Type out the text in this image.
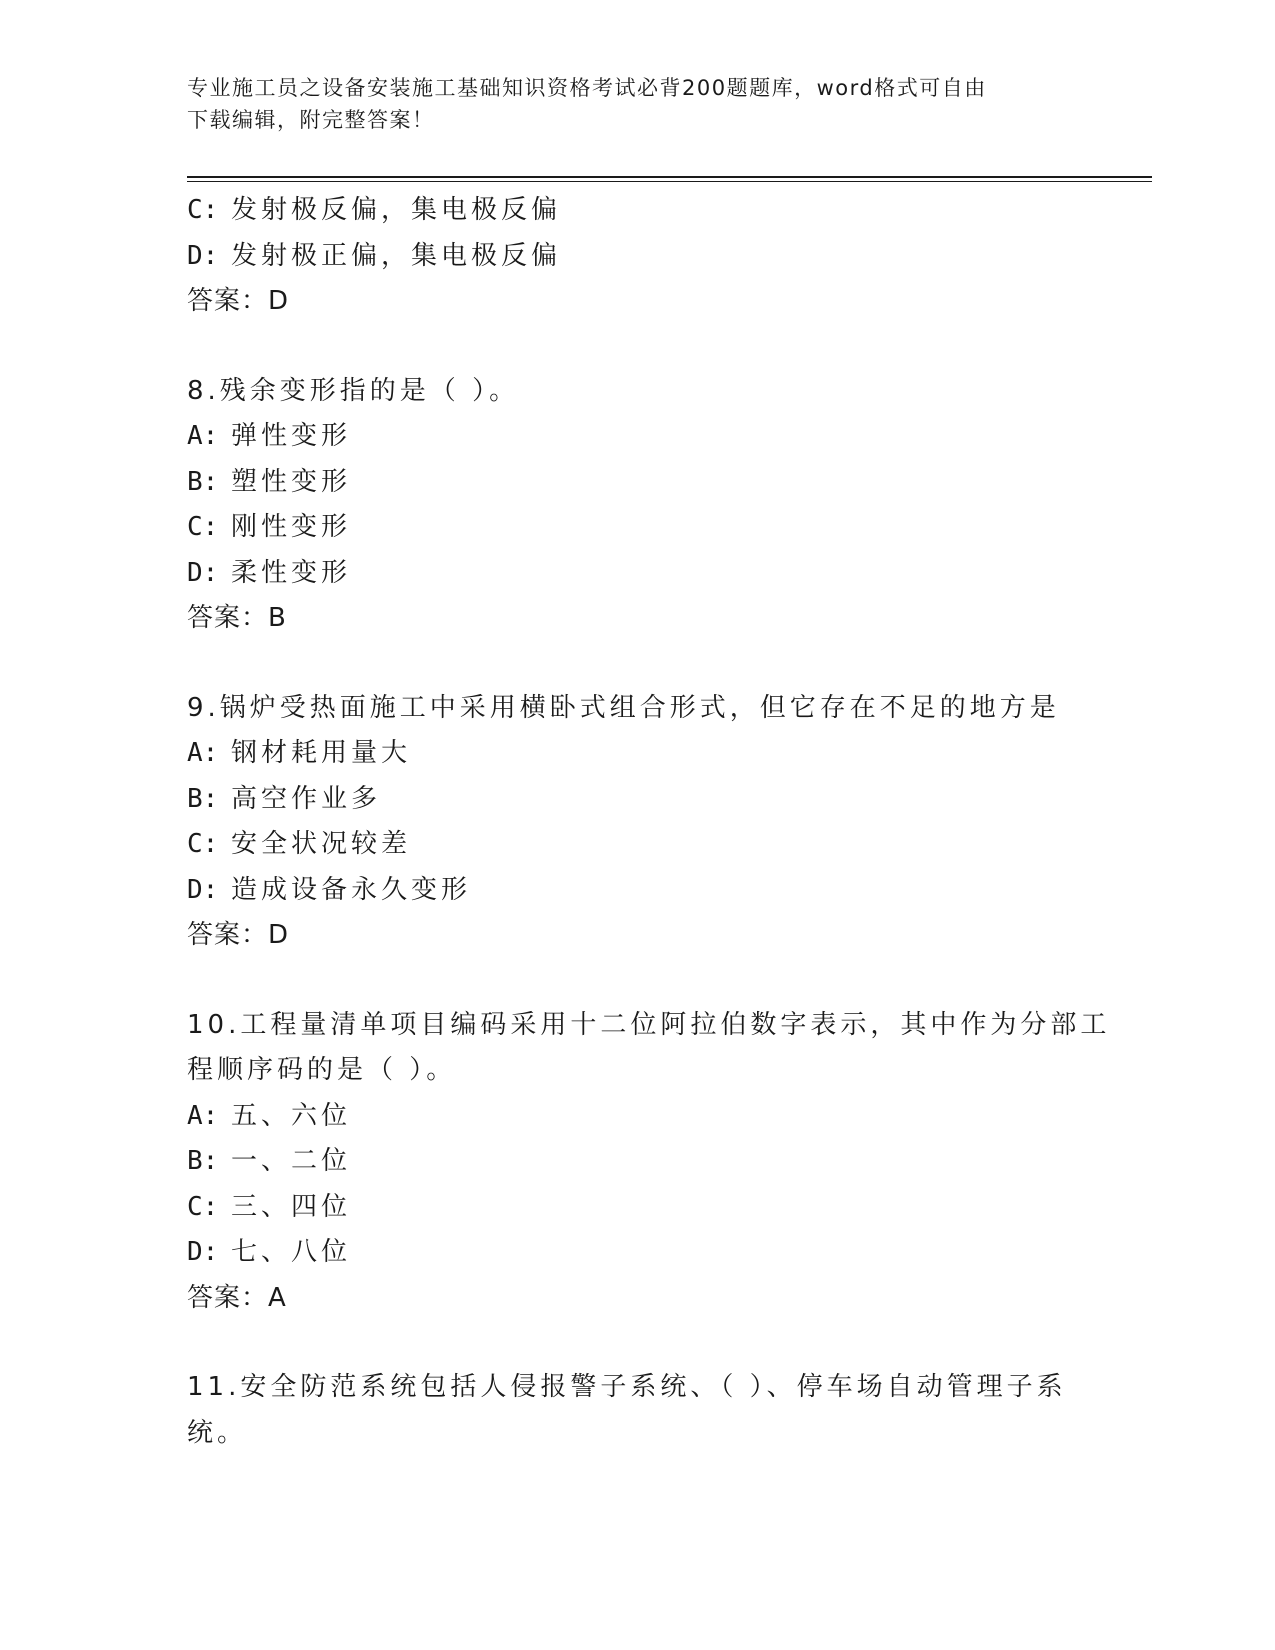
专业施工员之设备安装施工基础知识资格考试必背200题题库，word格式可自由
下载编辑，附完整答案！
C: 发射极反偏，集电极反偏
D: 发射极正偏，集电极反偏
答案：D
8.残余变形指的是（ ）。
A: 弹性变形
B: 塑性变形
C: 刚性变形
D: 柔性变形
答案：B
9.锅炉受热面施工中采用横卧式组合形式，但它存在不足的地方是
A: 钢材耗用量大
B: 高空作业多
C: 安全状况较差
D: 造成设备永久变形
答案：D
10.工程量清单项目编码采用十二位阿拉伯数字表示，其中作为分部工
程顺序码的是（ ）。
A: 五、六位
B: 一、二位
C: 三、四位
D: 七、八位
答案：A
11.安全防范系统包括人侵报警子系统、（ ）、停车场自动管理子系
统。
